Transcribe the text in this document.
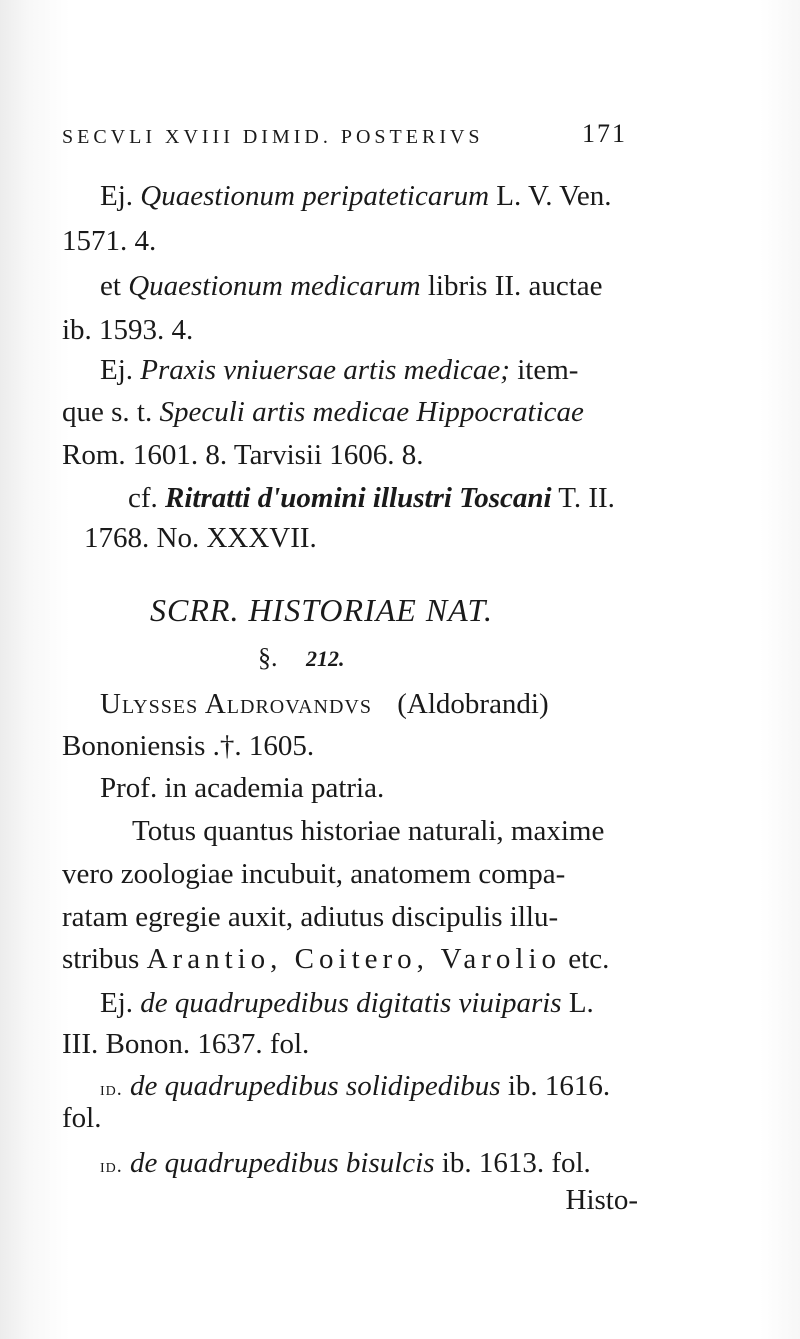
SECVLI XVIII DIMID. POSTERIVS	171
Ej. Quaestionum peripateticarum L. V. Ven.
1571. 4.
et Quaestionum medicarum libris II. auctae
ib. 1593. 4.
Ej. Praxis vniuersae artis medicae; item-
que s. t. Speculi artis medicae Hippocraticae
Rom. 1601. 8. Tarvisii 1606. 8.
cf. Ritratti d'uomini illustri Toscani T. II.
1768. No. XXXVII.
SCRR. HISTORIAE NAT.
§. 212.
Ulysses Aldrovandvs (Aldobrandi)
Bononiensis .†. 1605.
Prof. in academia patria.
Totus quantus historiae naturali, maxime
vero zoologiae incubuit, anatomem compa-
ratam egregie auxit, adiutus discipulis illu-
stribus Arantio, Coitero, Varolio etc.
Ej. de quadrupedibus digitatis viuiparis L.
III. Bonon. 1637. fol.
id. de quadrupedibus solidipedibus ib. 1616.
fol.
id. de quadrupedibus bisulcis ib. 1613. fol.
Histo-
